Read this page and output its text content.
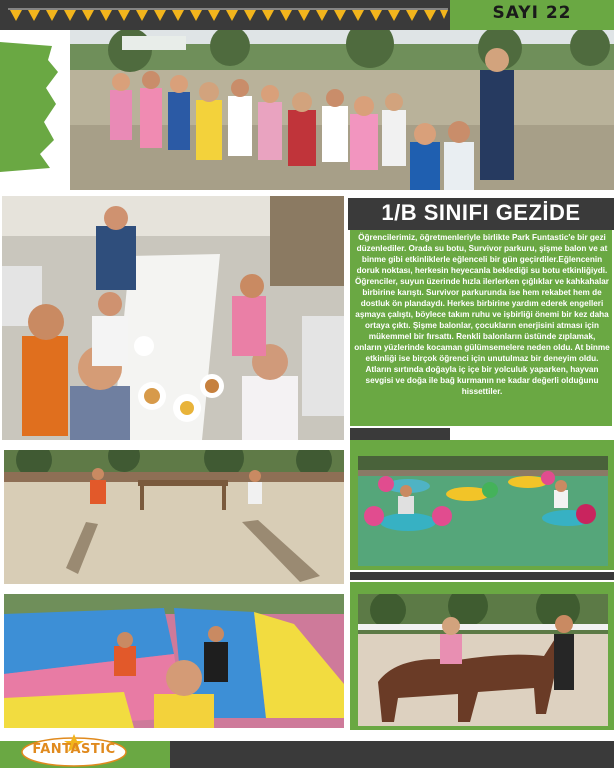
SAYI 22
1/B SINIFI GEZİDE
Öğrencilerimiz, öğretmenleriyle birlikte Park Funtastic'e bir gezi düzenlediler. Orada su botu, Survivor parkuru, şişme balon ve at binme gibi etkinliklerle eğlenceli bir gün geçirdiler.Eğlencenin doruk noktası, herkesin heyecanla beklediği su botu etkinliğiydi. Öğrenciler, suyun üzerinde hızla ilerlerken çığlıklar ve kahkahalar birbirine karıştı. Survivor parkurunda ise hem rekabet hem de dostluk ön plandaydı. Herkes birbirine yardım ederek engelleri aşmaya çalıştı, böylece takım ruhu ve işbirliği önemi bir kez daha ortaya çıktı. Şişme balonlar, çocukların enerjisini atması için mükemmel bir fırsattı. Renkli balonların üstünde zıplamak, onların yüzlerinde kocaman gülümsemelere neden oldu. At binme etkinliği ise birçok öğrenci için unutulmaz bir deneyim oldu. Atların sırtında doğayla iç içe bir yolculuk yaparken, hayvan sevgisi ve doğa ile bağ kurmanın ne kadar değerli olduğunu hissettiler.
FANTASTIC
